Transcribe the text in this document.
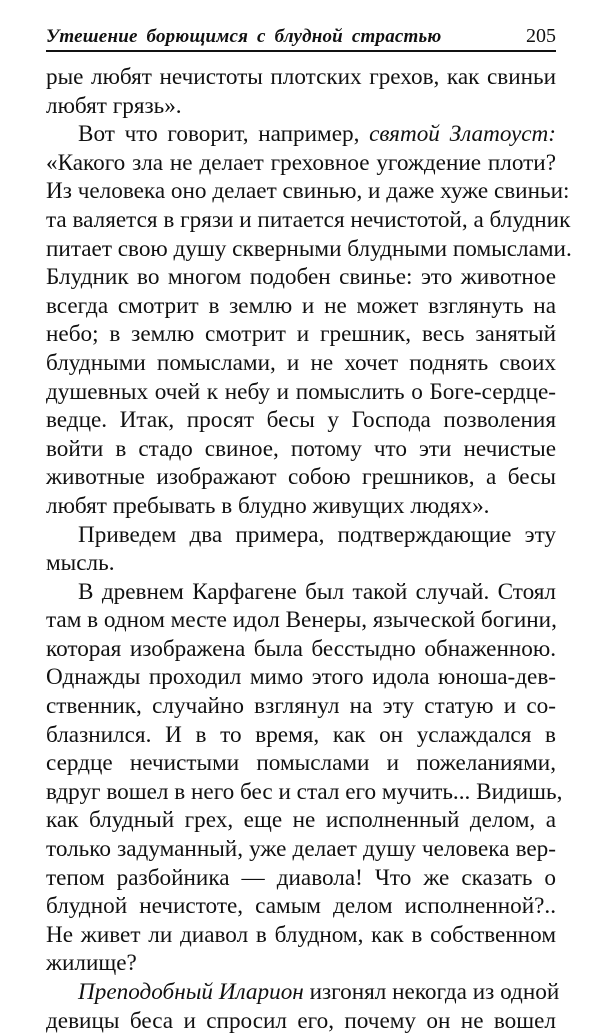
Утешение борющимся с блудной страстью	205
рые любят нечистоты плотских грехов, как свиньи
любят грязь».
Вот что говорит, например, святой Златоуст:
«Какого зла не делает греховное угождение плоти?
Из человека оно делает свинью, и даже хуже свиньи:
та валяется в грязи и питается нечистотой, а блудник
питает свою душу скверными блудными помыслами.
Блудник во многом подобен свинье: это животное
всегда смотрит в землю и не может взглянуть на
небо; в землю смотрит и грешник, весь занятый
блудными помыслами, и не хочет поднять своих
душевных очей к небу и помыслить о Боге-сердце-
ведце. Итак, просят бесы у Господа позволения
войти в стадо свиное, потому что эти нечистые
животные изображают собою грешников, а бесы
любят пребывать в блудно живущих людях».
Приведем два примера, подтверждающие эту
мысль.
В древнем Карфагене был такой случай. Стоял
там в одном месте идол Венеры, языческой богини,
которая изображена была бесстыдно обнаженною.
Однажды проходил мимо этого идола юноша-дев-
ственник, случайно взглянул на эту статую и со-
блазнился. И в то время, как он услаждался в
сердце нечистыми помыслами и пожеланиями,
вдруг вошел в него бес и стал его мучить... Видишь,
как блудный грех, еще не исполненный делом, а
только задуманный, уже делает душу человека вер-
тепом разбойника — диавола! Что же сказать о
блудной нечистоте, самым делом исполненной?..
Не живет ли диавол в блудном, как в собственном
жилище?
Преподобный Иларион изгонял некогда из одной
девицы беса и спросил его, почему он не вошел
